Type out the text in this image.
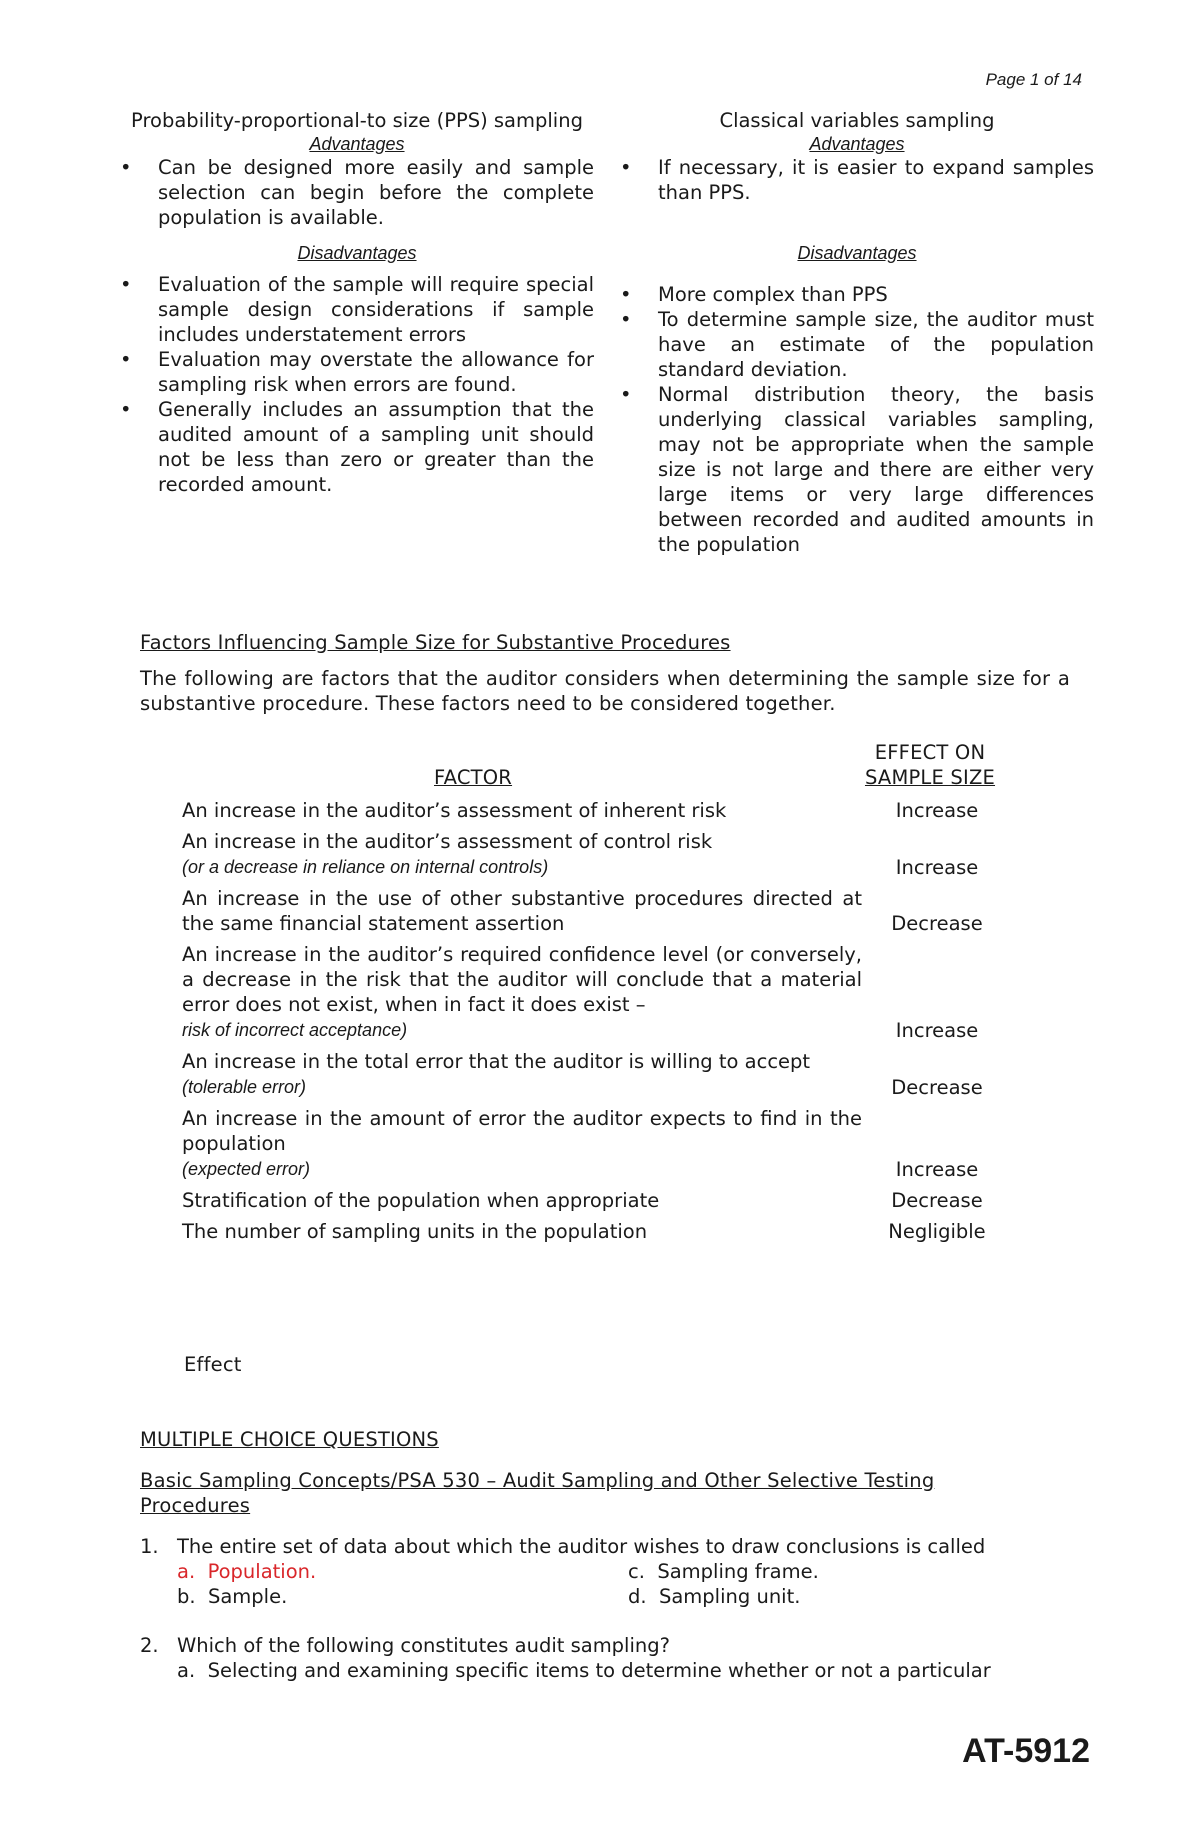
Page 1 of 14
Probability-proportional-to size (PPS) sampling

Advantages

• Can be designed more easily and sample selection can begin before the complete population is available.

Disadvantages

• Evaluation of the sample will require special sample design considerations if sample includes understatement errors
• Evaluation may overstate the allowance for sampling risk when errors are found.
• Generally includes an assumption that the audited amount of a sampling unit should not be less than zero or greater than the recorded amount.
Classical variables sampling

Advantages

• If necessary, it is easier to expand samples than PPS.

Disadvantages

• More complex than PPS
• To determine sample size, the auditor must have an estimate of the population standard deviation.
• Normal distribution theory, the basis underlying classical variables sampling, may not be appropriate when the sample size is not large and there are either very large items or very large differences between recorded and audited amounts in the population
Factors Influencing Sample Size for Substantive Procedures
The following are factors that the auditor considers when determining the sample size for a substantive procedure. These factors need to be considered together.
FACTOR
EFFECT ON
SAMPLE SIZE
An increase in the auditor’s assessment of inherent risk	Increase
An increase in the auditor’s assessment of control risk
(or a decrease in reliance on internal controls)	Increase
An increase in the use of other substantive procedures directed at the same financial statement assertion	Decrease
An increase in the auditor’s required confidence level (or conversely, a decrease in the risk that the auditor will conclude that a material error does not exist, when in fact it does exist –
risk of incorrect acceptance)	Increase
An increase in the total error that the auditor is willing to accept
(tolerable error)	Decrease
An increase in the amount of error the auditor expects to find in the population
(expected error)	Increase
Stratification of the population when appropriate	Decrease
The number of sampling units in the population	Negligible
Effect
MULTIPLE CHOICE QUESTIONS
Basic Sampling Concepts/PSA 530 – Audit Sampling and Other Selective Testing Procedures
1. The entire set of data about which the auditor wishes to draw conclusions is called
a. Population.
b. Sample.
c. Sampling frame.
d. Sampling unit.
2. Which of the following constitutes audit sampling?
a. Selecting and examining specific items to determine whether or not a particular
AT-5912
